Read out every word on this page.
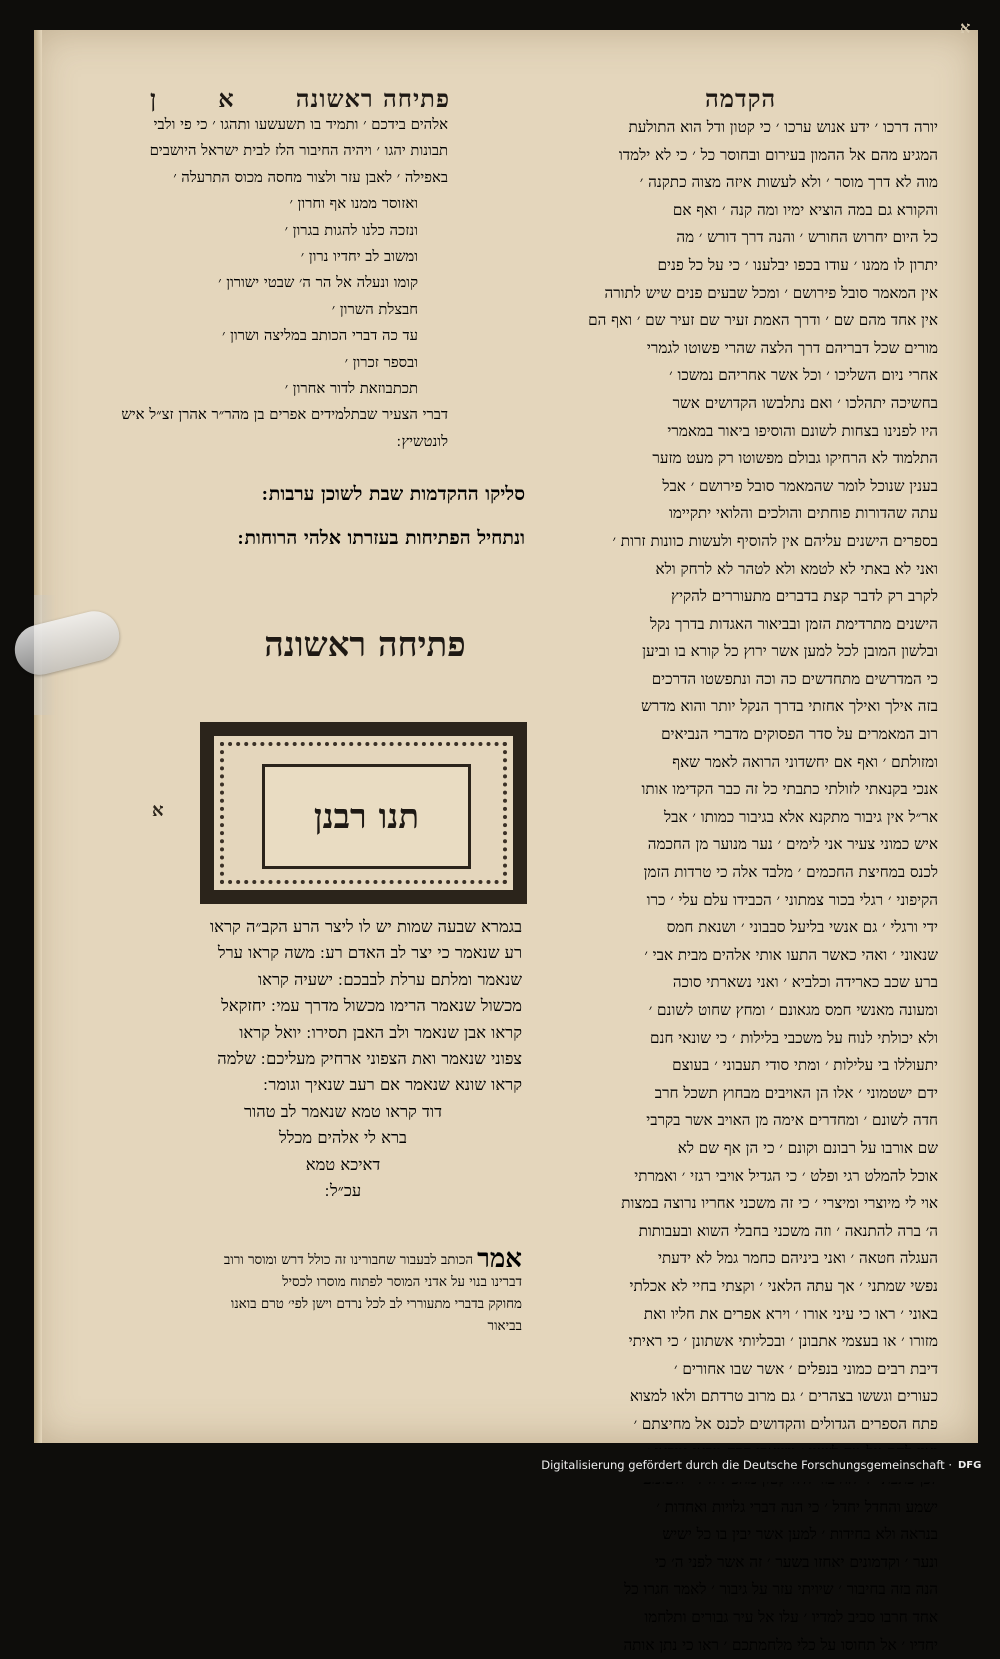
א
הקדמה
ן	א	פתיחה ראשונה
יורה דרכו ׳ ידע אנוש ערכו ׳ כי קטון ודל הוא התולעת
המגיע מהם אל ההמון בעירום ובחוסר כל ׳ כי לא ילמדו
מוה לא דרך מוסר ׳ ולא לעשות איזה מצוה כתקנה ׳
והקורא גם במה הוציא ימיו ומה קנה ׳ ואף אם
כל היום יחרוש החורש ׳ והנה דרך דורש ׳ מה
יתרון לו ממנו ׳ עודו בכפו יבלענו ׳ כי על כל פנים
אין המאמר סובל פירושם ׳ ומכל שבעים פנים שיש לתורה
אין אחד מהם שם ׳ ודרך האמת זעיר שם זעיר שם ׳ ואף הם
מורים שכל דבריהם דרך הלצה שהרי פשוטו לגמרי
אחרי ניום השליכו ׳ וכל אשר אחריהם נמשכו ׳
בחשיכה יתהלכו ׳ ואם נתלבשו הקדושים אשר
היו לפנינו בצחות לשונם והוסיפו ביאור במאמרי
התלמוד לא הרחיקו גבולם מפשוטו רק מעט מזער
בענין שנוכל לומר שהמאמר סובל פירושם ׳ אבל
עתה שהדורות פוחתים והולכים והלואי יתקיימו
בספרים הישנים עליהם אין להוסיף ולעשות כוונות זרות ׳
ואני לא באתי לא לטמא ולא לטהר לא לרחק ולא
לקרב רק לדבר קצת בדברים מתעוררים להקיץ
הישנים מתרדימת הזמן ובביאור האגדות בדרך נקל
ובלשון המובן לכל למען אשר ירוץ כל קורא בו וביען
כי המדרשים מתחדשים כה וכה ונתפשטו הדרכים
בזה אילך ואילך אחזתי בדרך הנקל יותר והוא מדרש
רוב המאמרים על סדר הפסוקים מדברי הנביאים
ומזולתם ׳ ואף אם יחשדוני הרואה לאמר שאף
אנכי בקנאתי לזולתי כתבתי כל זה כבר הקדימו אותו
אר״ל אין גיבור מתקנא אלא בגיבור כמותו ׳ אבל
איש כמוני צעיר אני לימים ׳ נער מנוער מן החכמה
לכנס במחיצת החכמים ׳ מלבד אלה כי טרדות הזמן
הקיפוני ׳ רגלי בכור צמתוני ׳ הכבידו עלם עלי ׳ כרו
ידי ורגלי ׳ גם אנשי בליעל סבבוני ׳ ושנאת חמס
שנאוני ׳ ואהי כאשר התעו אותי אלהים מבית אבי ׳
ברע שכב כארידה וכלביא ׳ ואני נשארתי סוכה
ומעונה מאנשי חמס מגאונם ׳ ומחץ שחוט לשונם ׳
ולא יכולתי לנוח על משכבי בלילות ׳ כי שונאי חנם
יתעוללו בי עלילות ׳ ומתי סודי תעבוני ׳ בעוצם
ידם ישטמוני ׳ אלו הן האויבים מבחוץ תשכל חרב
חדה לשונם ׳ ומחדרים אימה מן האויב אשר בקרבי
שם אורבו על רבונם וקונם ׳ כי הן אף שם לא
אוכל להמלט רגי ופלט ׳ כי הגדיל אויבי רגזי ׳ ואמרתי
אוי לי מיוצרי ומיצרי ׳ כי זה משכני אחריו נרוצה במצות
ה׳ ברה להתנאה ׳ וזה משכני בחבלי השוא ובעבותות
העגלה חטאה ׳ ואני ביניהם כחמר גמל לא ידעתי
נפשי שמתני ׳ אך עתה הלאני ׳ וקצתי בחיי לא אכלתי
באוני ׳ ראו כי עיני אורו ׳ וירא אפרים את חליו ואת
מזורו ׳ או בעצמי אתבונן ׳ ובכליותי אשתונן ׳ כי ראיתי
דיבת רבים כמוני בנפלים ׳ אשר שבו אחורים ׳
כעורים וגששו בצהרים ׳ גם מרוב טרדתם ולאו למצוא
פתח הספרים הגדולים והקדושים לכנס אל מחיצתם ׳
ישמע והחדל יחדל ׳ כי הנה דברי גלויות ואחדות ׳
בנראה ולא בחידות ׳ למען אשר יבין בו כל ישיש
ונער ׳ וקדמונים יאחזו בשער ׳ זה אשר לפני ה׳ כי
הנה בזה בחיבור ׳ שיויתי עזר על גיבור ׳ לאמר חגרו כל
אחד חרבו סביב למדיו ׳ עלו אל עיר גבורים ותלחמו
יחדיו ׳ אל תחוסו על כלי מלחמתכם ׳ ראו כי נתן אותה
אלהים בידכם ׳ ותמיד בו תשעשעו ותהגו ׳ כי פי ולבי
תבונות יהגו ׳ ויהיה החיבור הלז לבית ישראל היושבים
באפילה ׳ לאבן עזר ולצור מחסה מכוס התרעלה ׳
ואזוסר ממנו אף וחרון ׳
ונזכה כלנו להגות בגרון ׳
ומשוב לב יחדיו נרון ׳
קומו ונעלה אל הר ה׳ שבטי ישורון ׳
חבצלת השרון ׳
עד כה דברי הכותב במליצה ושרון ׳
ובספר זכרון ׳
תכתבוזאת לדור אחרון ׳
דברי הצעיר שבתלמידים אפרים בן מהר״ר אהרן זצ״ל איש
לונטשיץ ׃
סליקו ההקדמות שבת לשוכן ערבות ׃
ונתחיל הפתיחות בעזרתו אלהי הרוחות ׃
פתיחה ראשונה
תנו רבנן
א
בגמרא שבעה שמות יש לו ליצר הרע הקב״ה קראו
רע שנאמר כי יצר לב האדם רע ׃ משה קראו ערל
שנאמר ומלתם ערלת לבבכם ׃ ישעיה קראו
מכשול שנאמר הרימו מכשול מדרך עמי ׃ יחזקאל
קראו אבן שנאמר ולב האבן תסירו ׃ יואל קראו
צפוני שנאמר ואת הצפוני ארחיק מעליכם ׃ שלמה
קראו שונא שנאמר אם רעב שנאיך וגומר ׃
דוד קראו טמא שנאמר לב טהור
ברא לי אלהים מכלל
דאיכא טמא
עכ״ל ׃
אמרהכותב לבעבור שחבורינו זה כולל דרש ומוסר ורוב
דברינו בנוי על אדני המוסר לפתוח מוסרו לכסיל
מחוקק בדברי מתעוררי לב לכל נרדם וישן לפי׳ טרם בואנו
בביאור
Digitalisierung gefördert durch die Deutsche Forschungsgemeinschaft · DFG
